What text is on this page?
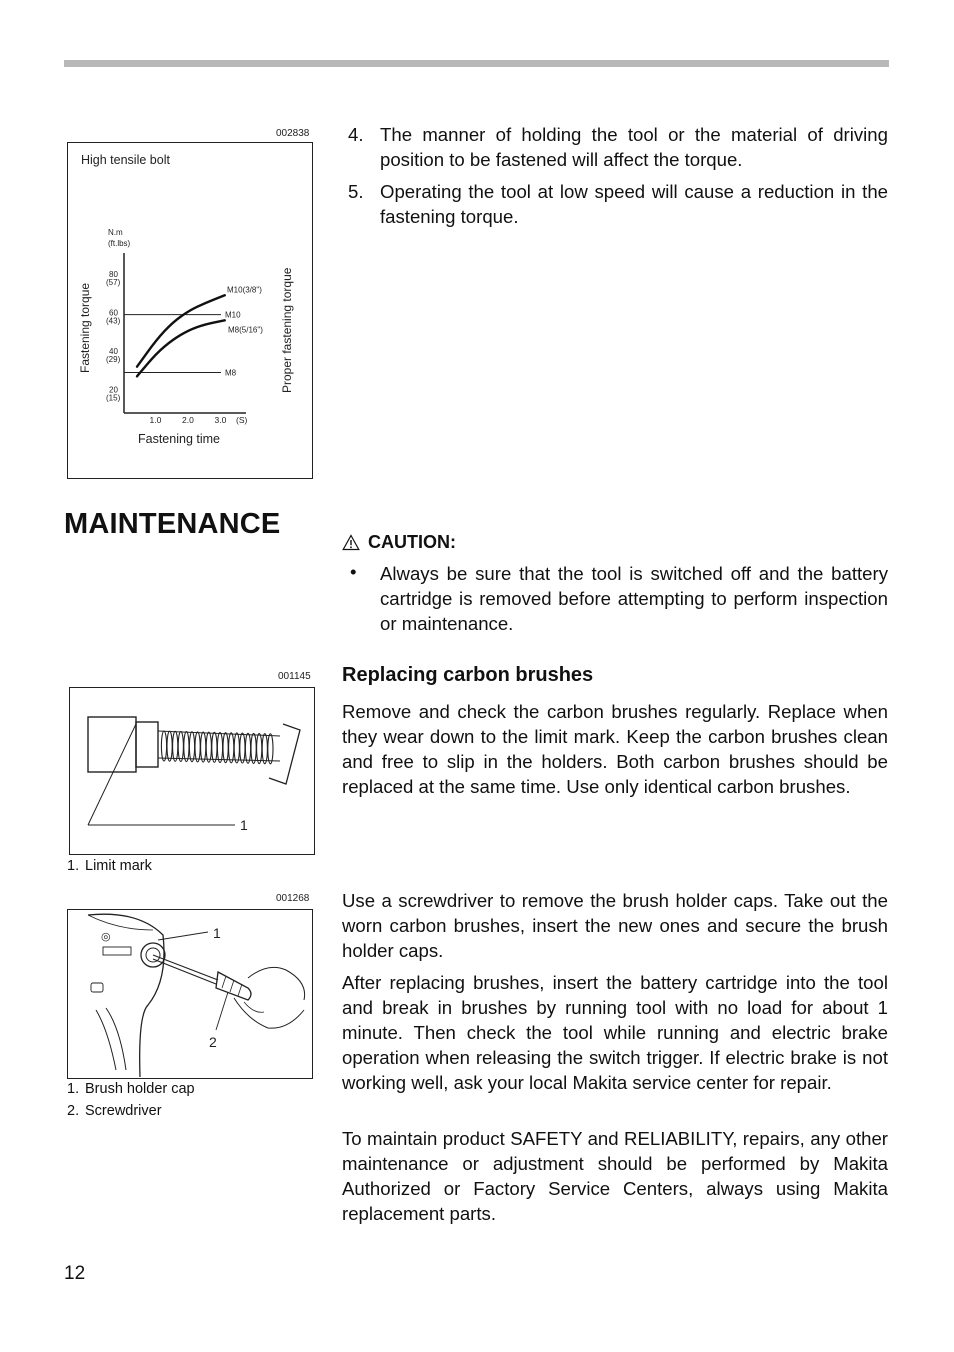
002838
High tensile bolt
N.m
(ft.lbs)
Fastening torque	Proper fastening torque
80
(57)
60
(43)
40
(29)
20
(15)
1.0 2.0 3.0 (S)
M10
M8
M10(3/8")
M8(5/16")
Fastening time
4. The manner of holding the tool or the material of driving position to be fastened will affect the torque.
5. Operating the tool at low speed will cause a reduction in the fastening torque.
MAINTENANCE
CAUTION:
• Always be sure that the tool is switched off and the battery cartridge is removed before attempting to perform inspection or maintenance.

Replacing carbon brushes

Remove and check the carbon brushes regularly. Replace when they wear down to the limit mark. Keep the carbon brushes clean and free to slip in the holders. Both carbon brushes should be replaced at the same time. Use only identical carbon brushes.

001145
1
1. Limit mark
001268
◎	1
2
1. Brush holder cap
2. Screwdriver

Use a screwdriver to remove the brush holder caps. Take out the worn carbon brushes, insert the new ones and secure the brush holder caps.

After replacing brushes, insert the battery cartridge into the tool and break in brushes by running tool with no load for about 1 minute. Then check the tool while running and electric brake operation when releasing the switch trigger. If electric brake is not working well, ask your local Makita service center for repair.

To maintain product SAFETY and RELIABILITY, repairs, any other maintenance or adjustment should be performed by Makita Authorized or Factory Service Centers, always using Makita replacement parts.

12
